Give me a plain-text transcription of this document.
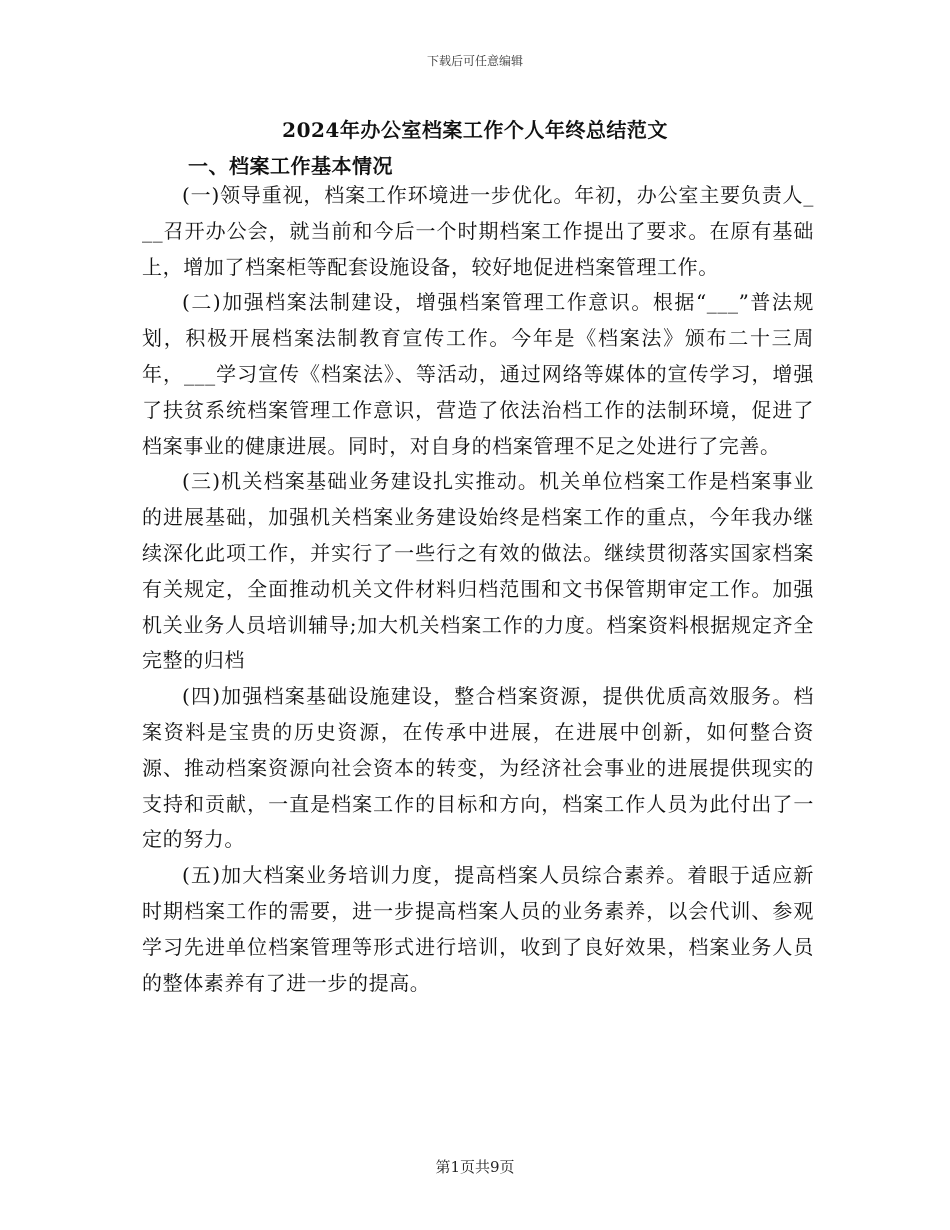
下载后可任意编辑
2024年办公室档案工作个人年终总结范文
一、档案工作基本情况

(一)领导重视，档案工作环境进一步优化。年初，办公室主要负责人___召开办公会，就当前和今后一个时期档案工作提出了要求。在原有基础上，增加了档案柜等配套设施设备，较好地促进档案管理工作。

(二)加强档案法制建设，增强档案管理工作意识。根据“___”普法规划，积极开展档案法制教育宣传工作。今年是《档案法》颁布二十三周年，___学习宣传《档案法》、等活动，通过网络等媒体的宣传学习，增强了扶贫系统档案管理工作意识，营造了依法治档工作的法制环境，促进了档案事业的健康进展。同时，对自身的档案管理不足之处进行了完善。

(三)机关档案基础业务建设扎实推动。机关单位档案工作是档案事业的进展基础，加强机关档案业务建设始终是档案工作的重点，今年我办继续深化此项工作，并实行了一些行之有效的做法。继续贯彻落实国家档案有关规定，全面推动机关文件材料归档范围和文书保管期审定工作。加强机关业务人员培训辅导;加大机关档案工作的力度。档案资料根据规定齐全完整的归档

(四)加强档案基础设施建设，整合档案资源，提供优质高效服务。档案资料是宝贵的历史资源，在传承中进展，在进展中创新，如何整合资源、推动档案资源向社会资本的转变，为经济社会事业的进展提供现实的支持和贡献，一直是档案工作的目标和方向，档案工作人员为此付出了一定的努力。

(五)加大档案业务培训力度，提高档案人员综合素养。着眼于适应新时期档案工作的需要，进一步提高档案人员的业务素养，以会代训、参观学习先进单位档案管理等形式进行培训，收到了良好效果，档案业务人员的整体素养有了进一步的提高。

第1页共9页
